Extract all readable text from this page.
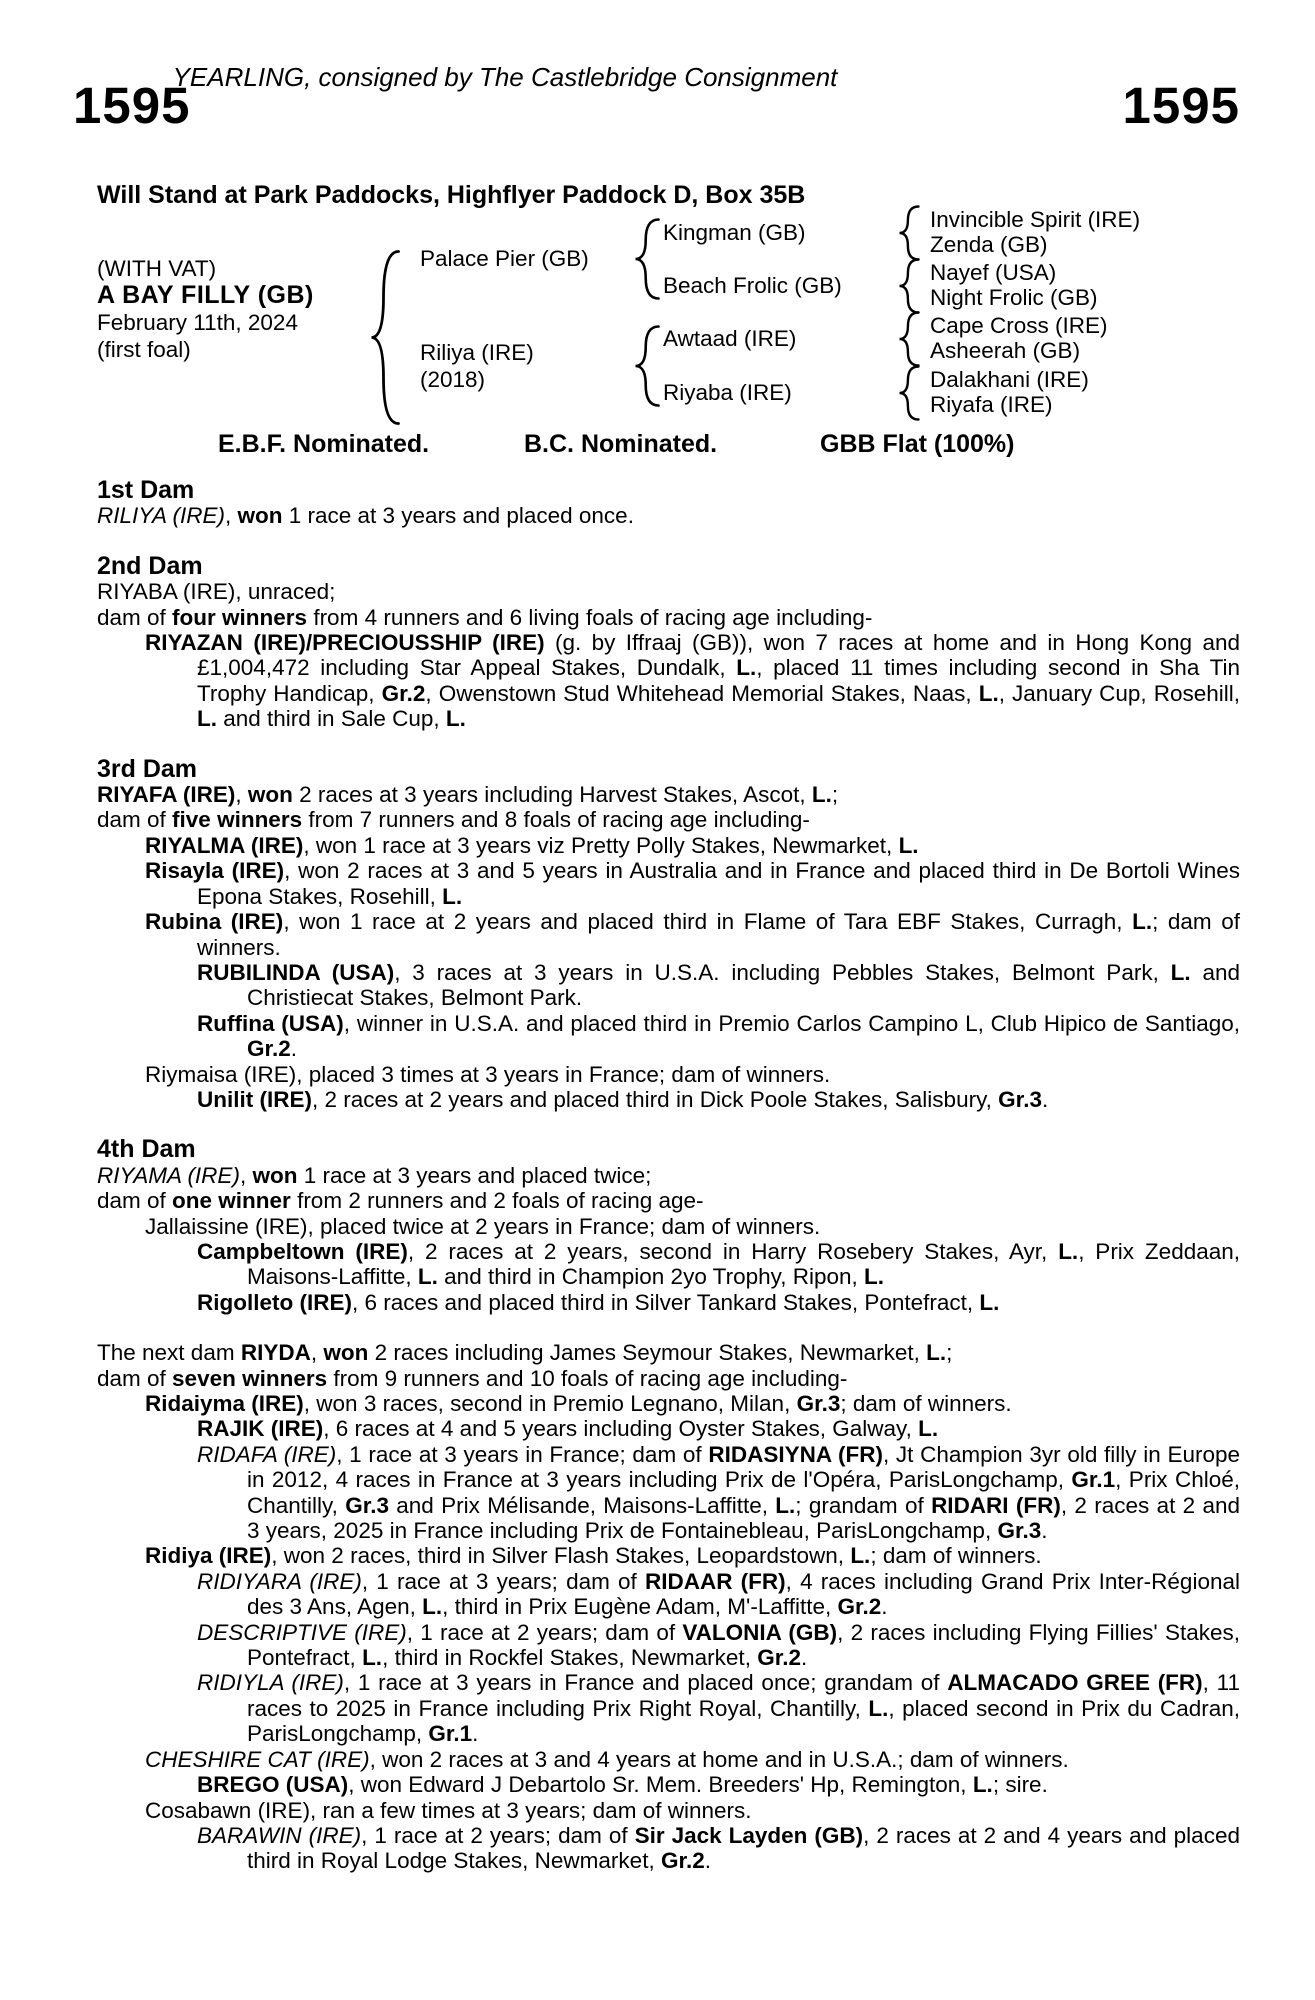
YEARLING, consigned by The Castlebridge Consignment
1595	1595
Will Stand at Park Paddocks, Highflyer Paddock D, Box 35B
(WITH VAT)
A BAY FILLY (GB)
February 11th, 2024
(first foal)
Palace Pier (GB)
Riliya (IRE)
(2018)
Kingman (GB)
Beach Frolic (GB)
Awtaad (IRE)
Riyaba (IRE)
Invincible Spirit (IRE)
Zenda (GB)
Nayef (USA)
Night Frolic (GB)
Cape Cross (IRE)
Asheerah (GB)
Dalakhani (IRE)
Riyafa (IRE)
E.B.F. Nominated.	B.C. Nominated.	GBB Flat (100%)
1st Dam

RILIYA (IRE), won 1 race at 3 years and placed once.

2nd Dam

RIYABA (IRE), unraced;

dam of four winners from 4 runners and 6 living foals of racing age including-

RIYAZAN (IRE)/PRECIOUSSHIP (IRE) (g. by Iffraaj (GB)), won 7 races at home and in Hong Kong and £1,004,472 including Star Appeal Stakes, Dundalk, L., placed 11 times including second in Sha Tin Trophy Handicap, Gr.2, Owenstown Stud Whitehead Memorial Stakes, Naas, L., January Cup, Rosehill, L. and third in Sale Cup, L.

3rd Dam

RIYAFA (IRE), won 2 races at 3 years including Harvest Stakes, Ascot, L.;

dam of five winners from 7 runners and 8 foals of racing age including-

RIYALMA (IRE), won 1 race at 3 years viz Pretty Polly Stakes, Newmarket, L.

Risayla (IRE), won 2 races at 3 and 5 years in Australia and in France and placed third in De Bortoli Wines Epona Stakes, Rosehill, L.

Rubina (IRE), won 1 race at 2 years and placed third in Flame of Tara EBF Stakes, Curragh, L.; dam of winners.

RUBILINDA (USA), 3 races at 3 years in U.S.A. including Pebbles Stakes, Belmont Park, L. and Christiecat Stakes, Belmont Park.

Ruffina (USA), winner in U.S.A. and placed third in Premio Carlos Campino L, Club Hipico de Santiago, Gr.2.

Riymaisa (IRE), placed 3 times at 3 years in France; dam of winners.

Unilit (IRE), 2 races at 2 years and placed third in Dick Poole Stakes, Salisbury, Gr.3.

4th Dam

RIYAMA (IRE), won 1 race at 3 years and placed twice;

dam of one winner from 2 runners and 2 foals of racing age-

Jallaissine (IRE), placed twice at 2 years in France; dam of winners.

Campbeltown (IRE), 2 races at 2 years, second in Harry Rosebery Stakes, Ayr, L., Prix Zeddaan, Maisons-Laffitte, L. and third in Champion 2yo Trophy, Ripon, L.

Rigolleto (IRE), 6 races and placed third in Silver Tankard Stakes, Pontefract, L.

The next dam RIYDA, won 2 races including James Seymour Stakes, Newmarket, L.;

dam of seven winners from 9 runners and 10 foals of racing age including-

Ridaiyma (IRE), won 3 races, second in Premio Legnano, Milan, Gr.3; dam of winners.

RAJIK (IRE), 6 races at 4 and 5 years including Oyster Stakes, Galway, L.

RIDAFA (IRE), 1 race at 3 years in France; dam of RIDASIYNA (FR), Jt Champion 3yr old filly in Europe in 2012, 4 races in France at 3 years including Prix de l'Opéra, ParisLongchamp, Gr.1, Prix Chloé, Chantilly, Gr.3 and Prix Mélisande, Maisons-Laffitte, L.; grandam of RIDARI (FR), 2 races at 2 and 3 years, 2025 in France including Prix de Fontainebleau, ParisLongchamp, Gr.3.

Ridiya (IRE), won 2 races, third in Silver Flash Stakes, Leopardstown, L.; dam of winners.

RIDIYARA (IRE), 1 race at 3 years; dam of RIDAAR (FR), 4 races including Grand Prix Inter-Régional des 3 Ans, Agen, L., third in Prix Eugène Adam, M'-Laffitte, Gr.2.

DESCRIPTIVE (IRE), 1 race at 2 years; dam of VALONIA (GB), 2 races including Flying Fillies' Stakes, Pontefract, L., third in Rockfel Stakes, Newmarket, Gr.2.

RIDIYLA (IRE), 1 race at 3 years in France and placed once; grandam of ALMACADO GREE (FR), 11 races to 2025 in France including Prix Right Royal, Chantilly, L., placed second in Prix du Cadran, ParisLongchamp, Gr.1.

CHESHIRE CAT (IRE), won 2 races at 3 and 4 years at home and in U.S.A.; dam of winners.

BREGO (USA), won Edward J Debartolo Sr. Mem. Breeders' Hp, Remington, L.; sire.

Cosabawn (IRE), ran a few times at 3 years; dam of winners.

BARAWIN (IRE), 1 race at 2 years; dam of Sir Jack Layden (GB), 2 races at 2 and 4 years and placed third in Royal Lodge Stakes, Newmarket, Gr.2.
